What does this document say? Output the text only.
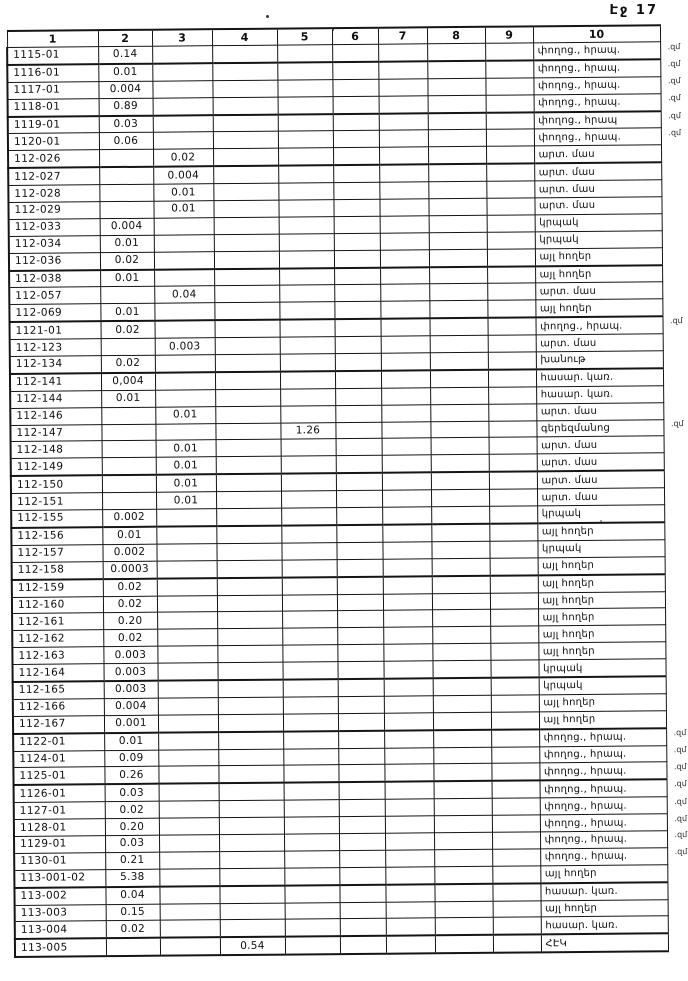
Էջ 17
1	2	3	4	5	6	7	8	9	10	
1115-01	0.14								փողոց., հրապ.	.զմ
1116-01	0.01								փողոց., հրապ.	.զմ
1117-01	0.004								փողոց., հրապ.	.զմ
1118-01	0.89								փողոց., հրապ.	.զմ
1119-01	0.03								փողոց., հրապ	.զմ
1120-01	0.06								փողոց., հրապ.	.զմ
112-026		0.02							արտ. մաս	
112-027		0.004							արտ. մաս	
112-028		0.01							արտ. մաս	
112-029		0.01							արտ. մաս	
112-033	0.004								կրպակ	
112-034	0.01								կրպակ	
112-036	0.02								այլ հողեր	
112-038	0.01								այլ հողեր	
112-057		0.04							արտ. մաս	
112-069	0.01								այլ հողեր	
1121-01	0.02								փողոց., հրապ.	.զմ
112-123		0.003							արտ. մաս	
112-134	0.02								խանութ	
112-141	0,004								հասար. կառ.	
112-144	0.01								հասար. կառ.	
112-146		0.01							արտ. մաս	
112-147				1.26					գերեզմանոց	.զմ
112-148		0.01							արտ. մաս	
112-149		0.01							արտ. մաս	
112-150		0.01							արտ. մաս	
112-151		0.01							արտ. մաս	
112-155	0.002								կրպակ	
112-156	0.01								այլ հողեր	
112-157	0.002								կրպակ	
112-158	0.0003								այլ հողեր	
112-159	0.02								այլ հողեր	
112-160	0.02								այլ հողեր	
112-161	0.20								այլ հողեր	
112-162	0.02								այլ հողեր	
112-163	0.003								այլ հողեր	
112-164	0.003								կրպակ	
112-165	0.003								կրպակ	
112-166	0.004								այլ հողեր	
112-167	0.001								այլ հողեր	
1122-01	0.01								փողոց., հրապ.	.զմ
1124-01	0.09								փողոց., հրապ.	.զմ
1125-01	0.26								փողոց., հրապ.	.զմ
1126-01	0.03								փողոց., հրապ.	.զմ
1127-01	0.02								փողոց., հրապ.	.զմ
1128-01	0.20								փողոց., հրապ.	.զմ
1129-01	0.03								փողոց., հրապ.	.զմ
1130-01	0.21								փողոց., հրապ.	.զմ
113-001-02	5.38								այլ հողեր	
113-002	0.04								հասար. կառ.	
113-003	0.15								այլ հողեր	
113-004	0.02								հասար. կառ.	
113-005			0.54						ՀԷԿ	
